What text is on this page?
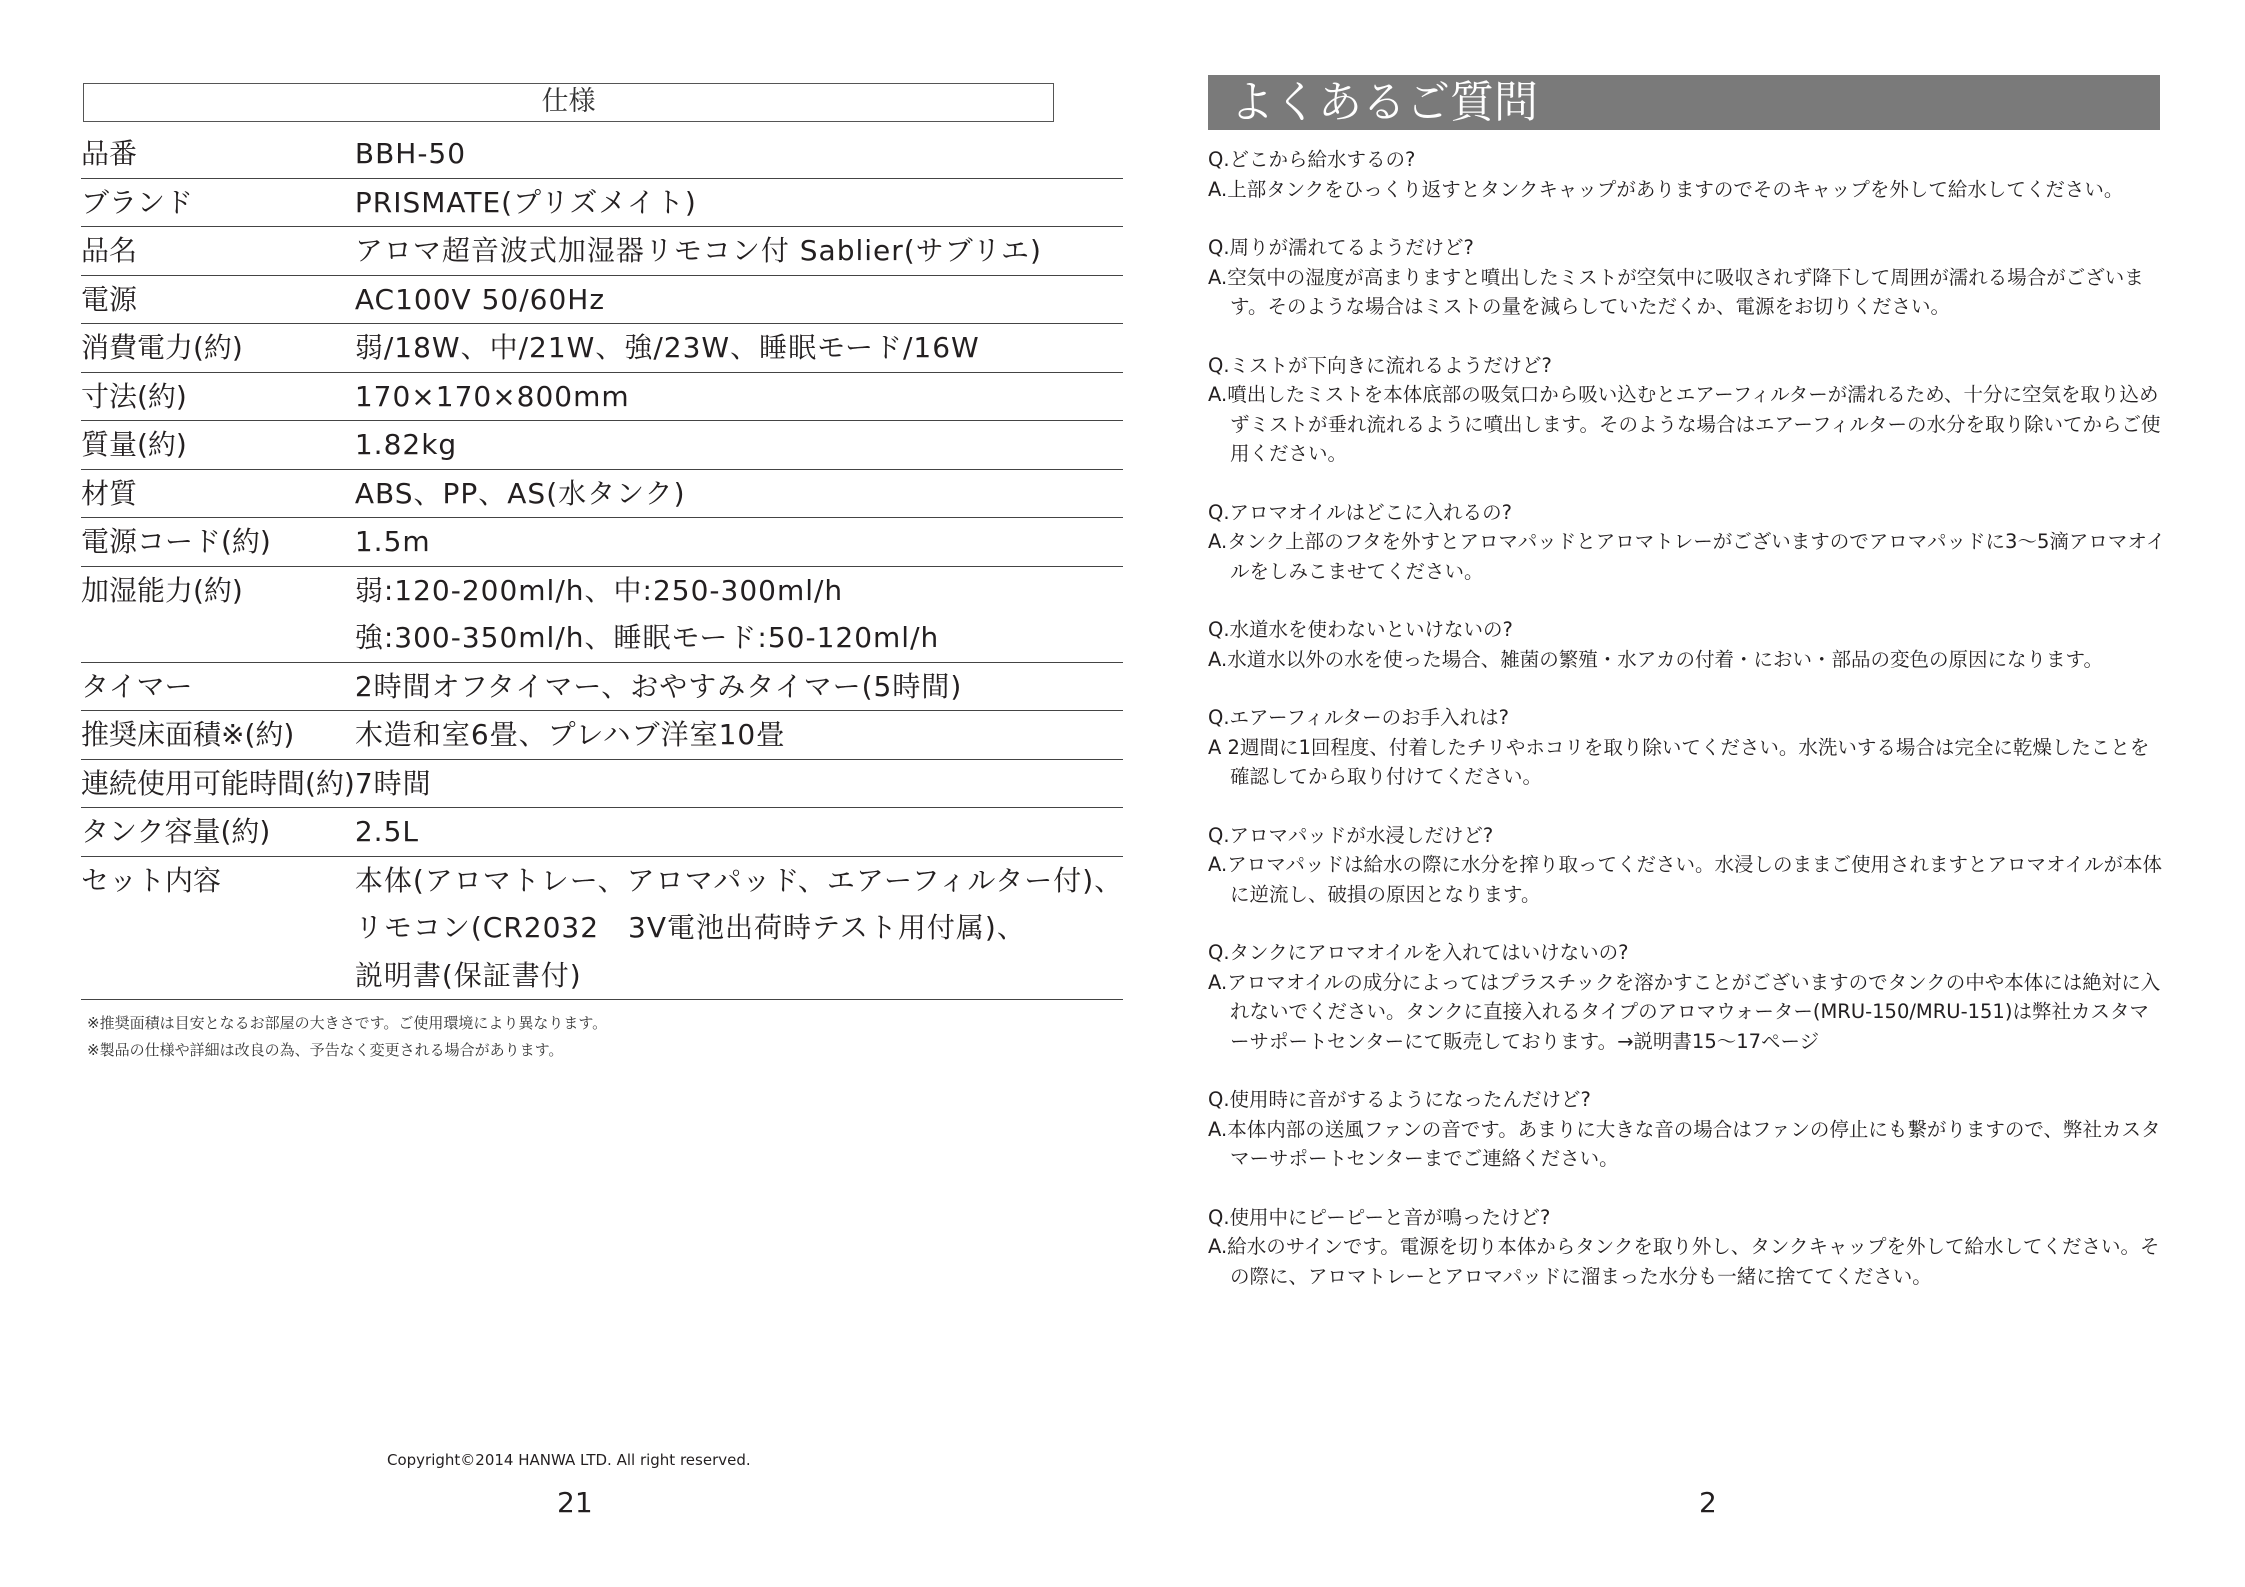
仕様
品番	BBH-50
ブランド	PRISMATE(プリズメイト)
品名	アロマ超音波式加湿器リモコン付 Sablier(サブリエ)
電源	AC100V 50/60Hz
消費電力(約)	弱/18W、中/21W、強/23W、睡眠モード/16W
寸法(約)	170×170×800mm
質量(約)	1.82kg
材質	ABS、PP、AS(水タンク)
電源コード(約)	1.5m
加湿能力(約)	弱:120-200ml/h、中:250-300ml/h
強:300-350ml/h、睡眠モード:50-120ml/h

タイマー	2時間オフタイマー、おやすみタイマー(5時間)
推奨床面積※(約)	木造和室6畳、プレハブ洋室10畳
連続使用可能時間(約)	7時間
タンク容量(約)	2.5L
セット内容	本体(アロマトレー、アロマパッド、エアーフィルター付)、
リモコン(CR2032　3V電池出荷時テスト用付属)、
説明書(保証書付)
※推奨面積は目安となるお部屋の大きさです。ご使用環境により異なります。
※製品の仕様や詳細は改良の為、予告なく変更される場合があります。
Copyright©2014 HANWA LTD. All right reserved.
21
よくあるご質問
Q.どこから給水するの?
A.上部タンクをひっくり返すとタンクキャップがありますのでそのキャップを外して給水してください。
Q.周りが濡れてるようだけど?
A.空気中の湿度が高まりますと噴出したミストが空気中に吸収されず降下して周囲が濡れる場合がございます。そのような場合はミストの量を減らしていただくか、電源をお切りください。
Q.ミストが下向きに流れるようだけど?
A.噴出したミストを本体底部の吸気口から吸い込むとエアーフィルターが濡れるため、十分に空気を取り込めずミストが垂れ流れるように噴出します。そのような場合はエアーフィルターの水分を取り除いてからご使用ください。
Q.アロマオイルはどこに入れるの?
A.タンク上部のフタを外すとアロマパッドとアロマトレーがございますのでアロマパッドに3〜5滴アロマオイルをしみこませてください。
Q.水道水を使わないといけないの?
A.水道水以外の水を使った場合、雑菌の繁殖・水アカの付着・におい・部品の変色の原因になります。
Q.エアーフィルターのお手入れは?
A 2週間に1回程度、付着したチリやホコリを取り除いてください。水洗いする場合は完全に乾燥したことを確認してから取り付けてください。
Q.アロマパッドが水浸しだけど?
A.アロマパッドは給水の際に水分を搾り取ってください。水浸しのままご使用されますとアロマオイルが本体に逆流し、破損の原因となります。
Q.タンクにアロマオイルを入れてはいけないの?
A.アロマオイルの成分によってはプラスチックを溶かすことがございますのでタンクの中や本体には絶対に入れないでください。タンクに直接入れるタイプのアロマウォーター(MRU-150/MRU-151)は弊社カスタマーサポートセンターにて販売しております。→説明書15〜17ページ
Q.使用時に音がするようになったんだけど?
A.本体内部の送風ファンの音です。あまりに大きな音の場合はファンの停止にも繋がりますので、弊社カスタマーサポートセンターまでご連絡ください。
Q.使用中にピーピーと音が鳴ったけど?
A.給水のサインです。電源を切り本体からタンクを取り外し、タンクキャップを外して給水してください。その際に、アロマトレーとアロマパッドに溜まった水分も一緒に捨ててください。
2
